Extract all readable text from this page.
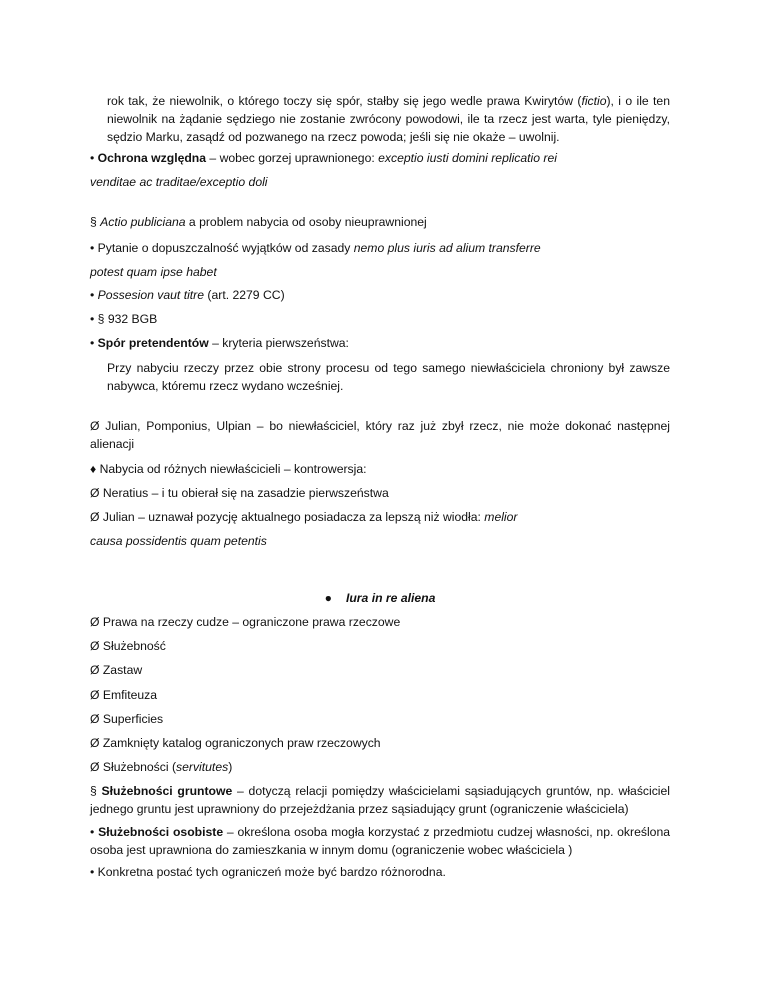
rok tak, że niewolnik, o którego toczy się spór, stałby się jego wedle prawa Kwirytów (fictio), i o ile ten niewolnik na żądanie sędziego nie zostanie zwrócony powodowi, ile ta rzecz jest warta, tyle pieniędzy, sędzio Marku, zasądź od pozwanego na rzecz powoda; jeśli się nie okaże – uwolnij.

• Ochrona względna – wobec gorzej uprawnionego: exceptio iusti domini replicatio rei

venditae ac traditae/exceptio doli

§ Actio publiciana a problem nabycia od osoby nieuprawnionej

• Pytanie o dopuszczalność wyjątków od zasady nemo plus iuris ad alium transferre

potest quam ipse habet

• Possesion vaut titre (art. 2279 CC)

• § 932 BGB

• Spór pretendentów – kryteria pierwszeństwa:

Przy nabyciu rzeczy przez obie strony procesu od tego samego niewłaściciela chroniony był zawsze nabywca, któremu rzecz wydano wcześniej.

Ø Julian, Pomponius, Ulpian – bo niewłaściciel, który raz już zbył rzecz, nie może dokonać następnej alienacji

♦ Nabycia od różnych niewłaścicieli – kontrowersja:

Ø Neratius – i tu obierał się na zasadzie pierwszeństwa

Ø Julian – uznawał pozycję aktualnego posiadacza za lepszą niż wiodła: melior

causa possidentis quam petentis

● Iura in re aliena

Ø Prawa na rzeczy cudze – ograniczone prawa rzeczowe

Ø Służebność

Ø Zastaw

Ø Emfiteuza

Ø Superficies

Ø Zamknięty katalog ograniczonych praw rzeczowych

Ø Służebności (servitutes)

§ Służebności gruntowe – dotyczą relacji pomiędzy właścicielami sąsiadujących gruntów, np. właściciel jednego gruntu jest uprawniony do przejeżdżania przez sąsiadujący grunt (ograniczenie właściciela)

• Służebności osobiste – określona osoba mogła korzystać z przedmiotu cudzej własności, np. określona osoba jest uprawniona do zamieszkania w innym domu (ograniczenie wobec właściciela )

• Konkretna postać tych ograniczeń może być bardzo różnorodna.
